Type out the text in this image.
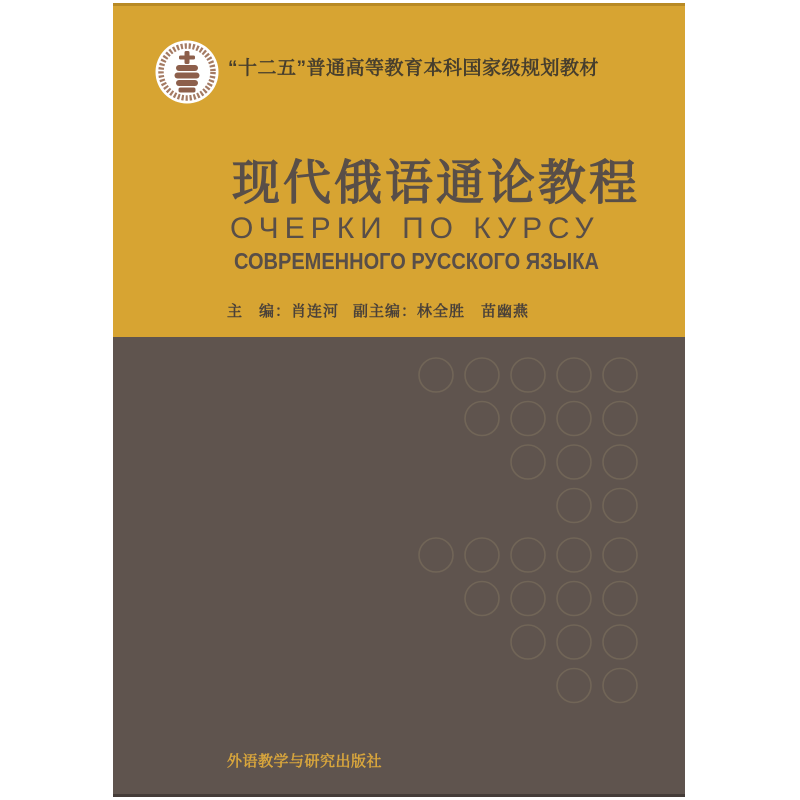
“十二五”普通高等教育本科国家级规划教材
现代俄语通论教程
ОЧЕРКИ ПО КУРСУ
СОВРЕМЕННОГО РУССКОГО ЯЗЫКА
主　编：肖连河 副主编：林全胜　苗幽燕
外语教学与研究出版社
